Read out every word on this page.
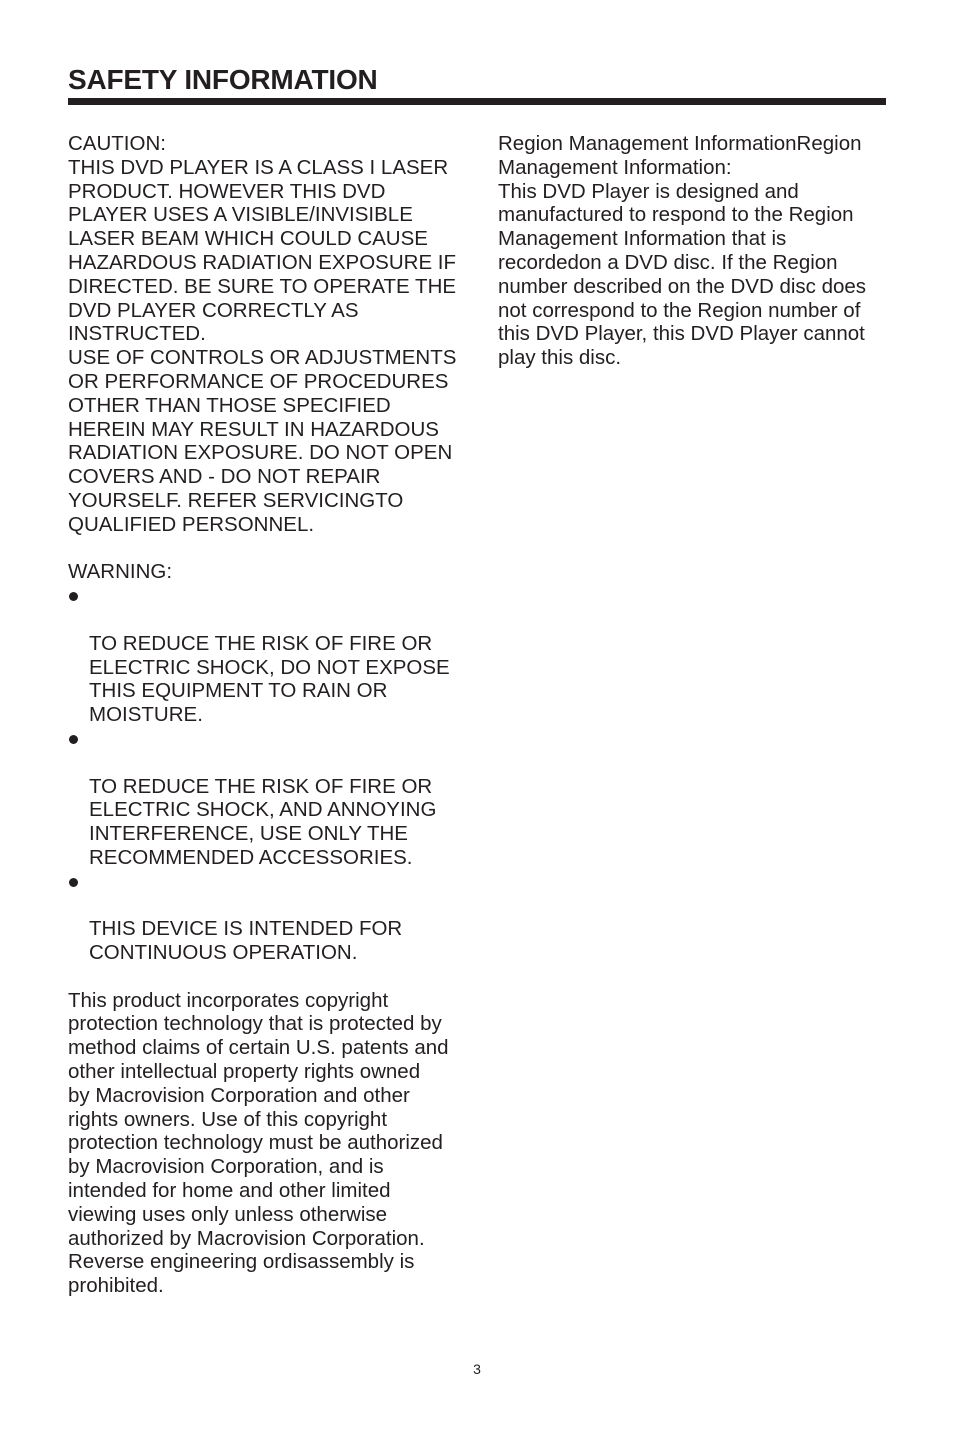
SAFETY INFORMATION

CAUTION:

THIS DVD PLAYER IS A CLASS I LASER
PRODUCT. HOWEVER THIS DVD
PLAYER USES A VISIBLE/INVISIBLE
LASER BEAM WHICH COULD CAUSE
HAZARDOUS RADIATION EXPOSURE IF
DIRECTED. BE SURE TO OPERATE THE
DVD PLAYER CORRECTLY AS
INSTRUCTED.

USE OF CONTROLS OR ADJUSTMENTS
OR PERFORMANCE OF PROCEDURES
OTHER THAN THOSE SPECIFIED
HEREIN MAY RESULT IN HAZARDOUS
RADIATION EXPOSURE. DO NOT OPEN
COVERS AND - DO NOT REPAIR
YOURSELF. REFER SERVICINGTO
QUALIFIED PERSONNEL.

WARNING:

TO REDUCE THE RISK OF FIRE OR
ELECTRIC SHOCK, DO NOT EXPOSE
THIS EQUIPMENT TO RAIN OR
MOISTURE.

TO REDUCE THE RISK OF FIRE OR
ELECTRIC SHOCK, AND ANNOYING
INTERFERENCE, USE ONLY THE
RECOMMENDED ACCESSORIES.

THIS DEVICE IS INTENDED FOR
CONTINUOUS OPERATION.

This product incorporates copyright
protection technology that is protected by
method claims of certain U.S. patents and
other intellectual property rights owned
by Macrovision Corporation and other
rights owners. Use of this copyright
protection technology must be authorized
by Macrovision Corporation, and is
intended for home and other limited
viewing uses only unless otherwise
authorized by Macrovision Corporation.
Reverse engineering ordisassembly is
prohibited.

Region Management InformationRegion
Management Information:

This DVD Player is designed and
manufactured to respond to the Region
Management Information that is
recordedon a DVD disc. If the Region
number described on the DVD disc does
not correspond to the Region number of
this DVD Player, this DVD Player cannot
play this disc.

3
